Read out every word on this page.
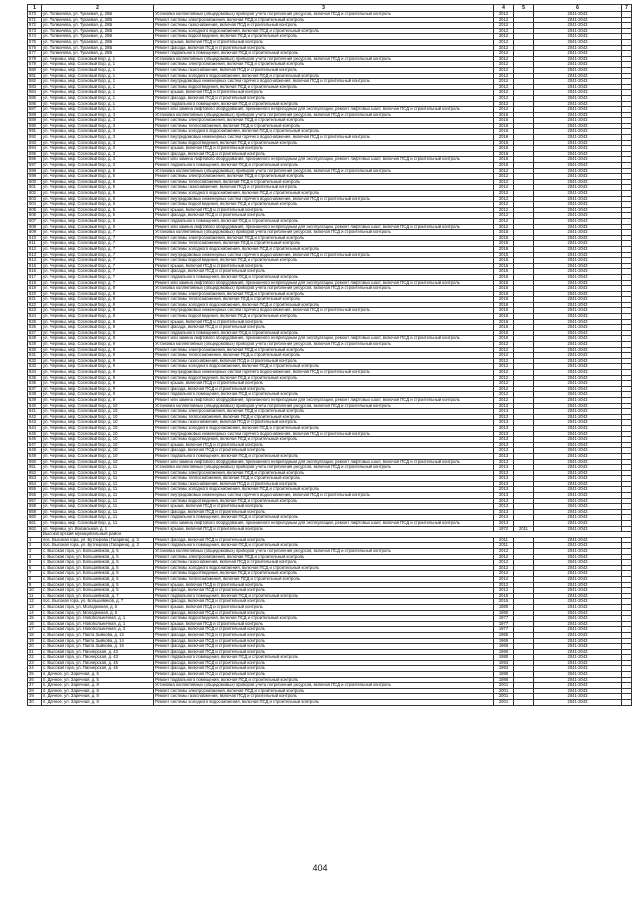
1	2	3	4	5	6	7
570	ул. Толмачева, ул. Тукаевая, д. 28Б	Установка коллективных (общедомовых) приборов учета потребления ресурсов, включая ПСД и строительный контроль	2012		2041-2043	
571	ул. Толмачева, ул. Тукаевая, д. 28Б	Ремонт системы электроснабжения, включая ПСД и строительный контроль	2012		2041-2043	
572	ул. Толмачева, ул. Тукаевая, д. 28Б	Ремонт системы газоснабжения, включая ПСД и строительный контроль	2012		2041-2043	
573	ул. Толмачева, ул. Тукаевая, д. 28Б	Ремонт системы холодного водоснабжения, включая ПСД и строительный контроль	2012		2041-2043	
574	ул. Толмачева, ул. Тукаевая, д. 28Б	Ремонт системы водоотведения, включая ПСД и строительный контроль	2012		2041-2043	
575	ул. Толмачева, ул. Тукаевая, д. 28Б	Ремонт крыши, включая ПСД и строительный контроль	2012		2041-2043	
576	ул. Толмачева, ул. Тукаевая, д. 28Б	Ремонт фасада, включая ПСД и строительный контроль	2012		2041-2043	
577	ул. Толмачева, ул. Тукаевая, д. 28Б	Ремонт подвального помещения, включая ПСД и строительный контроль	2012		2041-2043	
578	ул. Черемш, мкр. Сосновый Бор, д. 1	Установка коллективных (общедомовых) приборов учета потребления ресурсов, включая ПСД и строительный контроль	2012		2041-2043	
579	ул. Черемш, мкр. Сосновый Бор, д. 1	Ремонт системы электроснабжения, включая ПСД и строительный контроль	2012		2041-2043	
580	ул. Черемш, мкр. Сосновый Бор, д. 1	Ремонт системы газоснабжения, включая ПСД и строительный контроль	2012		2041-2043	
581	ул. Черемш, мкр. Сосновый Бор, д. 1	Ремонт системы холодного водоснабжения, включая ПСД и строительный контроль	2012		2041-2043	
582	ул. Черемш, мкр. Сосновый Бор, д. 1	Ремонт внутридомовых инженерных систем горячего водоснабжения, включая ПСД и строительный контроль	2012		2041-2043	
583	ул. Черемш, мкр. Сосновый Бор, д. 1	Ремонт системы водоотведения, включая ПСД и строительный контроль	2012		2041-2043	
584	ул. Черемш, мкр. Сосновый Бор, д. 1	Ремонт крыши, включая ПСД и строительный контроль	2012		2041-2043	
585	ул. Черемш, мкр. Сосновый Бор, д. 1	Ремонт фасада, включая ПСД и строительный контроль	2012		2041-2043	
586	ул. Черемш, мкр. Сосновый Бор, д. 1	Ремонт подвального помещения, включая ПСД и строительный контроль	2012		2041-2043	
587	ул. Черемш, мкр. Сосновый Бор, д. 1	Ремонт или замена лифтового оборудования, признанного непригодным для эксплуатации, ремонт лифтовых шахт, включая ПСД и строительный контроль	2012		2041-2043	
588	ул. Черемш, мкр. Сосновый Бор, д. 3	Установка коллективных (общедомовых) приборов учета потребления ресурсов, включая ПСД и строительный контроль	2016		2041-2043	
589	ул. Черемш, мкр. Сосновый Бор, д. 3	Ремонт системы электроснабжения, включая ПСД и строительный контроль	2016		2041-2043	
590	ул. Черемш, мкр. Сосновый Бор, д. 3	Ремонт системы теплоснабжения, включая ПСД и строительный контроль	2016		2041-2043	
591	ул. Черемш, мкр. Сосновый Бор, д. 3	Ремонт системы холодного водоснабжения, включая ПСД и строительный контроль	2016		2041-2043	
592	ул. Черемш, мкр. Сосновый Бор, д. 3	Ремонт внутридомовых инженерных систем горячего водоснабжения, включая ПСД и строительный контроль	2016		2041-2043	
593	ул. Черемш, мкр. Сосновый Бор, д. 3	Ремонт системы водоотведения, включая ПСД и строительный контроль	2016		2041-2043	
594	ул. Черемш, мкр. Сосновый Бор, д. 3	Ремонт крыши, включая ПСД и строительный контроль	2016		2041-2043	
595	ул. Черемш, мкр. Сосновый Бор, д. 3	Ремонт фасада, включая ПСД и строительный контроль	2016		2041-2043	
596	ул. Черемш, мкр. Сосновый Бор, д. 3	Ремонт или замена лифтового оборудования, признанного непригодным для эксплуатации, ремонт лифтовых шахт, включая ПСД и строительный контроль	2016		2041-2043	
597	ул. Черемш, мкр. Сосновый Бор, д. 3	Ремонт подвального помещения, включая ПСД и строительный контроль	2016		2041-2043	
598	ул. Черемш, мкр. Сосновый Бор, д. 5	Установка коллективных (общедомовых) приборов учета потребления ресурсов, включая ПСД и строительный контроль	2012		2041-2043	
599	ул. Черемш, мкр. Сосновый Бор, д. 5	Ремонт системы электроснабжения, включая ПСД и строительный контроль	2012		2041-2043	
600	ул. Черемш, мкр. Сосновый Бор, д. 5	Ремонт системы теплоснабжения, включая ПСД и строительный контроль	2012		2041-2043	
601	ул. Черемш, мкр. Сосновый Бор, д. 5	Ремонт системы газоснабжения, включая ПСД и строительный контроль	2012		2041-2043	
602	ул. Черемш, мкр. Сосновый Бор, д. 5	Ремонт системы холодного водоснабжения, включая ПСД и строительный контроль	2012		2041-2043	
603	ул. Черемш, мкр. Сосновый Бор, д. 5	Ремонт внутридомовых инженерных систем горячего водоснабжения, включая ПСД и строительный контроль	2012		2041-2043	
604	ул. Черемш, мкр. Сосновый Бор, д. 5	Ремонт системы водоотведения, включая ПСД и строительный контроль	2012		2041-2043	
605	ул. Черемш, мкр. Сосновый Бор, д. 5	Ремонт крыши, включая ПСД и строительный контроль	2012		2041-2043	
606	ул. Черемш, мкр. Сосновый Бор, д. 5	Ремонт фасада, включая ПСД и строительный контроль	2012		2041-2043	
607	ул. Черемш, мкр. Сосновый Бор, д. 5	Ремонт подвального помещения, включая ПСД и строительный контроль	2012		2041-2043	
608	ул. Черемш, мкр. Сосновый Бор, д. 5	Ремонт или замена лифтового оборудования, признанного непригодным для эксплуатации, ремонт лифтовых шахт, включая ПСД и строительный контроль	2012		2041-2043	
609	ул. Черемш, мкр. Сосновый Бор, д. 7	Установка коллективных (общедомовых) приборов учета потребления ресурсов, включая ПСД и строительный контроль	2015		2041-2043	
610	ул. Черемш, мкр. Сосновый Бор, д. 7	Ремонт системы электроснабжения, включая ПСД и строительный контроль	2015		2041-2043	
611	ул. Черемш, мкр. Сосновый Бор, д. 7	Ремонт системы теплоснабжения, включая ПСД и строительный контроль	2015		2041-2043	
612	ул. Черемш, мкр. Сосновый Бор, д. 7	Ремонт системы холодного водоснабжения, включая ПСД и строительный контроль	2015		2041-2043	
613	ул. Черемш, мкр. Сосновый Бор, д. 7	Ремонт внутридомовых инженерных систем горячего водоснабжения, включая ПСД и строительный контроль	2015		2041-2043	
614	ул. Черемш, мкр. Сосновый Бор, д. 7	Ремонт системы водоотведения, включая ПСД и строительный контроль	2015		2041-2043	
615	ул. Черемш, мкр. Сосновый Бор, д. 7	Ремонт крыши, включая ПСД и строительный контроль	2015		2041-2043	
616	ул. Черемш, мкр. Сосновый Бор, д. 7	Ремонт фасада, включая ПСД и строительный контроль	2015		2041-2043	
617	ул. Черемш, мкр. Сосновый Бор, д. 7	Ремонт подвального помещения, включая ПСД и строительный контроль	2015		2041-2043	
618	ул. Черемш, мкр. Сосновый Бор, д. 7	Ремонт или замена лифтового оборудования, признанного непригодным для эксплуатации, ремонт лифтовых шахт, включая ПСД и строительный контроль	2015		2041-2043	
619	ул. Черемш, мкр. Сосновый Бор, д. 8	Установка коллективных (общедомовых) приборов учета потребления ресурсов, включая ПСД и строительный контроль	2016		2041-2043	
620	ул. Черемш, мкр. Сосновый Бор, д. 8	Ремонт системы электроснабжения, включая ПСД и строительный контроль	2016		2041-2043	
621	ул. Черемш, мкр. Сосновый Бор, д. 8	Ремонт системы теплоснабжения, включая ПСД и строительный контроль	2016		2041-2043	
622	ул. Черемш, мкр. Сосновый Бор, д. 8	Ремонт системы холодного водоснабжения, включая ПСД и строительный контроль	2016		2041-2043	
623	ул. Черемш, мкр. Сосновый Бор, д. 8	Ремонт внутридомовых инженерных систем горячего водоснабжения, включая ПСД и строительный контроль	2016		2041-2043	
624	ул. Черемш, мкр. Сосновый Бор, д. 8	Ремонт системы водоотведения, включая ПСД и строительный контроль	2016		2041-2043	
625	ул. Черемш, мкр. Сосновый Бор, д. 8	Ремонт крыши, включая ПСД и строительный контроль	2016		2041-2043	
626	ул. Черемш, мкр. Сосновый Бор, д. 8	Ремонт фасада, включая ПСД и строительный контроль	2016		2041-2043	
627	ул. Черемш, мкр. Сосновый Бор, д. 8	Ремонт подвального помещения, включая ПСД и строительный контроль	2016		2041-2043	
628	ул. Черемш, мкр. Сосновый Бор, д. 8	Ремонт или замена лифтового оборудования, признанного непригодным для эксплуатации, ремонт лифтовых шахт, включая ПСД и строительный контроль	2016		2041-2043	
629	ул. Черемш, мкр. Сосновый Бор, д. 9	Установка коллективных (общедомовых) приборов учета потребления ресурсов, включая ПСД и строительный контроль	2012		2041-2043	
630	ул. Черемш, мкр. Сосновый Бор, д. 9	Ремонт системы электроснабжения, включая ПСД и строительный контроль	2012		2041-2043	
631	ул. Черемш, мкр. Сосновый Бор, д. 9	Ремонт системы теплоснабжения, включая ПСД и строительный контроль	2012		2041-2043	
632	ул. Черемш, мкр. Сосновый Бор, д. 9	Ремонт системы газоснабжения, включая ПСД и строительный контроль	2012		2041-2043	
633	ул. Черемш, мкр. Сосновый Бор, д. 9	Ремонт системы холодного водоснабжения, включая ПСД и строительный контроль	2012		2041-2043	
634	ул. Черемш, мкр. Сосновый Бор, д. 9	Ремонт внутридомовых инженерных систем горячего водоснабжения, включая ПСД и строительный контроль	2012		2041-2043	
635	ул. Черемш, мкр. Сосновый Бор, д. 9	Ремонт системы водоотведения, включая ПСД и строительный контроль	2012		2041-2043	
636	ул. Черемш, мкр. Сосновый Бор, д. 9	Ремонт крыши, включая ПСД и строительный контроль	2012		2041-2043	
637	ул. Черемш, мкр. Сосновый Бор, д. 9	Ремонт фасада, включая ПСД и строительный контроль	2012		2041-2043	
638	ул. Черемш, мкр. Сосновый Бор, д. 9	Ремонт подвального помещения, включая ПСД и строительный контроль	2012		2041-2043	
639	ул. Черемш, мкр. Сосновый Бор, д. 9	Ремонт или замена лифтового оборудования, признанного непригодным для эксплуатации, ремонт лифтовых шахт, включая ПСД и строительный контроль	2012		2041-2043	
640	ул. Черемш, мкр. Сосновый Бор, д. 10	Установка коллективных (общедомовых) приборов учета потребления ресурсов, включая ПСД и строительный контроль	2013		2041-2043	
641	ул. Черемш, мкр. Сосновый Бор, д. 10	Ремонт системы электроснабжения, включая ПСД и строительный контроль	2013		2041-2043	
642	ул. Черемш, мкр. Сосновый Бор, д. 10	Ремонт системы теплоснабжения, включая ПСД и строительный контроль	2013		2041-2043	
643	ул. Черемш, мкр. Сосновый Бор, д. 10	Ремонт системы газоснабжения, включая ПСД и строительный контроль	2013		2041-2043	
644	ул. Черемш, мкр. Сосновый Бор, д. 10	Ремонт системы холодного водоснабжения, включая ПСД и строительный контроль	2013		2041-2043	
645	ул. Черемш, мкр. Сосновый Бор, д. 10	Ремонт внутридомовых инженерных систем горячего водоснабжения, включая ПСД и строительный контроль	2013		2041-2043	
646	ул. Черемш, мкр. Сосновый Бор, д. 10	Ремонт системы водоотведения, включая ПСД и строительный контроль	2013		2041-2043	
647	ул. Черемш, мкр. Сосновый Бор, д. 10	Ремонт крыши, включая ПСД и строительный контроль	2013		2041-2043	
648	ул. Черемш, мкр. Сосновый Бор, д. 10	Ремонт фасада, включая ПСД и строительный контроль	2013		2041-2043	
649	ул. Черемш, мкр. Сосновый Бор, д. 10	Ремонт подвального помещения, включая ПСД и строительный контроль	2013		2041-2043	
650	ул. Черемш, мкр. Сосновый Бор, д. 10	Ремонт или замена лифтового оборудования, признанного непригодным для эксплуатации, ремонт лифтовых шахт, включая ПСД и строительный контроль	2013		2041-2043	
651	ул. Черемш, мкр. Сосновый Бор, д. 11	Установка коллективных (общедомовых) приборов учета потребления ресурсов, включая ПСД и строительный контроль	2013		2041-2043	
652	ул. Черемш, мкр. Сосновый Бор, д. 11	Ремонт системы электроснабжения, включая ПСД и строительный контроль	2013		2041-2043	
653	ул. Черемш, мкр. Сосновый Бор, д. 11	Ремонт системы теплоснабжения, включая ПСД и строительный контроль	2013		2041-2043	
654	ул. Черемш, мкр. Сосновый Бор, д. 11	Ремонт системы газоснабжения, включая ПСД и строительный контроль	2013		2041-2043	
655	ул. Черемш, мкр. Сосновый Бор, д. 11	Ремонт системы холодного водоснабжения, включая ПСД и строительный контроль	2013		2041-2043	
656	ул. Черемш, мкр. Сосновый Бор, д. 11	Ремонт внутридомовых инженерных систем горячего водоснабжения, включая ПСД и строительный контроль	2013		2041-2043	
657	ул. Черемш, мкр. Сосновый Бор, д. 11	Ремонт системы водоотведения, включая ПСД и строительный контроль	2013		2041-2043	
658	ул. Черемш, мкр. Сосновый Бор, д. 11	Ремонт крыши, включая ПСД и строительный контроль	2013		2041-2043	
659	ул. Черемш, мкр. Сосновый Бор, д. 11	Ремонт фасада, включая ПСД и строительный контроль	2013		2041-2043	
660	ул. Черемш, мкр. Сосновый Бор, д. 11	Ремонт подвального помещения, включая ПСД и строительный контроль	2013		2041-2043	
661	ул. Черемш, мкр. Сосновый Бор, д. 11	Ремонт или замена лифтового оборудования, признанного непригодным для эксплуатации, ремонт лифтовых шахт, включая ПСД и строительный контроль	2013		2041-2043	
662	ул. Черемш, ул. Вокзальная, д. 1	Ремонт крыши, включая ПСД и строительный контроль	1972	2011	2041-2043	
	Высокогорский муниципальный район					
1	пос. Высокая гора, ул. Бутлерова (Гагарина), д. 3	Ремонт фасада, включая ПСД и строительный контроль	2011		2041-2043	
2	пос. Высокая гора, ул. Бутлерова (Гагарина), д. 3	Ремонт подвального помещения, включая ПСД и строительный контроль	2011		2041-2043	
3	с. Высокая гора, ул. Большевиков, д. 5	Установка коллективных (общедомовых) приборов учета потребления ресурсов, включая ПСД и строительный контроль	2012		2041-2043	
4	с. Высокая гора, ул. Большевиков, д. 5	Ремонт системы электроснабжения, включая ПСД и строительный контроль	2012		2041-2043	
5	с. Высокая гора, ул. Большевиков, д. 5	Ремонт системы газоснабжения, включая ПСД и строительный контроль	2012		2041-2043	
6	с. Высокая гора, ул. Большевиков, д. 5	Ремонт системы холодного водоснабжения, включая ПСД и строительный контроль	2012		2041-2043	
7	с. Высокая гора, ул. Большевиков, д. 5	Ремонт системы водоотведения, включая ПСД и строительный контроль	2012		2041-2043	
8	с. Высокая гора, ул. Большевиков, д. 5	Ремонт системы теплоснабжения, включая ПСД и строительный контроль	2012		2041-2043	
9	с. Высокая гора, ул. Большевиков, д. 5	Ремонт крыши, включая ПСД и строительный контроль	2012		2041-2043	
10	с. Высокая гора, ул. Большевиков, д. 5	Ремонт фасада, включая ПСД и строительный контроль	2012		2041-2043	
11	с. Высокая гора, ул. Большевиков, д. 7	Ремонт подвального помещения, включая ПСД и строительный контроль	2015		2041-2043	
12	пос. Высокая гора, ул. Большевиков, д. 7	Ремонт фасада, включая ПСД и строительный контроль	2015		2041-2043	
13	с. Высокая гора, ул. Молодежная, д. 5	Ремонт крыши, включая ПСД и строительный контроль	1980		2041-2043	
14	с. Высокая гора, ул. Молодежная, д. 5	Ремонт фасада, включая ПСД и строительный контроль	1980		2041-2043	
15	с. Высокая гора, ул. Новобольничная, д. 1	Ремонт системы водоотведения, включая ПСД и строительный контроль	1977		2041-2043	
16	с. Высокая гора, ул. Новобольничная, д. 1	Ремонт крыши, включая ПСД и строительный контроль	1977		2041-2043	
17	с. Высокая гора, ул. Новобольничная, д. 3	Ремонт фасада, включая ПСД и строительный контроль	1977		2041-2043	
18	с. Высокая гора, ул. Пакта Зыйкова, д. 12	Ремонт фасада, включая ПСД и строительный контроль	1965		2041-2043	
19	с. Высокая гора, ул. Пакта Зыйкова, д. 14	Ремонт фасада, включая ПСД и строительный контроль	1965		2041-2043	
20	с. Высокая гора, ул. Пакта Зыйкова, д. 16	Ремонт фасада, включая ПСД и строительный контроль	1965		2041-2043	
21	с. Высокая гора, ул. Пионерская, д. 43	Ремонт фасада, включая ПСД и строительный контроль	1980		2041-2043	
22	с. Высокая гора, ул. Пионерская, д. 43	Ремонт подвального помещения, включая ПСД и строительный контроль	1980		2041-2043	
23	с. Высокая гора, ул. Пионерская, д. 45	Ремонт фасада, включая ПСД и строительный контроль	1993		2041-2043	
24	с. Высокая гора, ул. Пионерская, д. 45	Ремонт фасада, включая ПСД и строительный контроль	1993		2041-2043	
25	п. Дачное, ул. Заречная, д. 5	Ремонт фасада, включая ПСД и строительный контроль	1986		2041-2043	
26	п. Дачное, ул. Заречная, д. 5	Ремонт подвального помещения, включая ПСД и строительный контроль	1986		2041-2043	
27	п. Дачное, ул. Заречная, д. 8	Установка коллективных (общедомовых) приборов учета потребления ресурсов, включая ПСД и строительный контроль	2001		2041-2043	
28	п. Дачное, ул. Заречная, д. 8	Ремонт системы электроснабжения, включая ПСД и строительный контроль	2001		2041-2043	
29	п. Дачное, ул. Заречная, д. 8	Ремонт системы газоснабжения, включая ПСД и строительный контроль	2001		2041-2043	
30	п. Дачное, ул. Заречная, д. 8	Ремонт системы холодного водоснабжения, включая ПСД и строительный контроль	2001		2041-2043	
404
